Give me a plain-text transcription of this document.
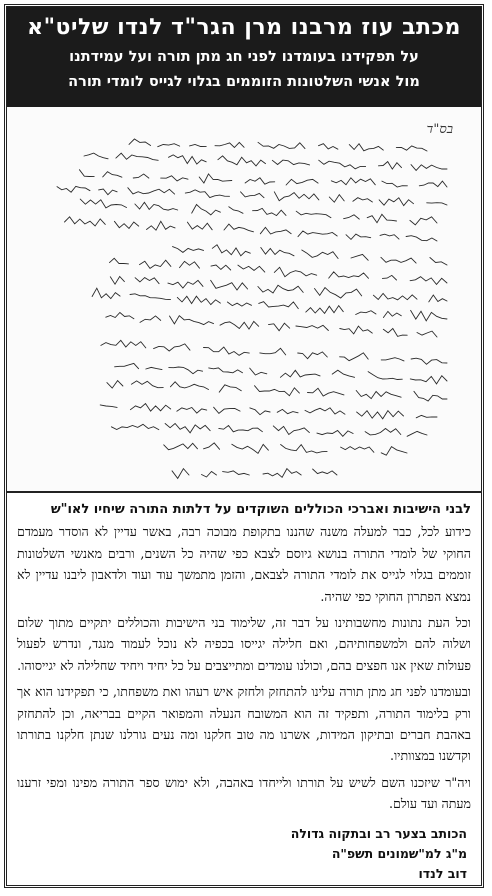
מכתב עוז מרבנו מרן הגר"ד לנדו שליט"א
על תפקידנו בעומדנו לפני חג מתן תורה ועל עמידתנו
מול אנשי השלטונות הזוממים בגלוי לגייס לומדי תורה
בס"ד
לבני הישיבות ואברכי הכוללים השוקדים על דלתות התורה שיחיו לאו"ש

כידוע לכל, כבר למעלה משנה שהננו בתקופת מבוכה רבה, באשר עדיין לא הוסדר מעמדם החוקי של לומדי התורה בנושא גיוסם לצבא כפי שהיה כל השנים, ורבים מאנשי השלטונות זוממים בגלוי לגייס את לומדי התורה לצבאם, והזמן מתמשך עוד ועוד ולדאבון ליבנו עדיין לא נמצא הפתרון החוקי כפי שהיה.

וכל העת נתונות מחשבותינו על דבר זה, שלימוד בני הישיבות והכוללים יתקיים מתוך שלום ושלוה להם ולמשפחותיהם, ואם חלילה יגייסו בכפיה לא נוכל לעמוד מנגד, ונדרש לפעול פעולות שאין אנו חפצים בהם, וכולנו עומדים ומתייצבים על כל יחיד ויחיד שחלילה לא יגייסוהו.

ובעומדנו לפני חג מתן תורה עלינו להתחזק ולחזק איש רעהו ואת משפחתו, כי תפקידנו הוא אך ורק בלימוד התורה, ותפקיד זה הוא המשובח הנעלה והמפואר הקיים בבריאה, וכן להתחזק באהבת חברים ובתיקון המידות, אשרנו מה טוב חלקנו ומה נעים גורלנו שנתן חלקנו בתורתו וקדשנו במצוותיו.

ויה"ר שיזכנו השם לשיש על תורתו ולייחדו באהבה, ולא ימוש ספר התורה מפינו ומפי זרענו מעתה ועד עולם.

הכותב בצער רב ובתקוה גדולה
מ"ג למ"שמונים תשפ"ה
דוב לנדו
